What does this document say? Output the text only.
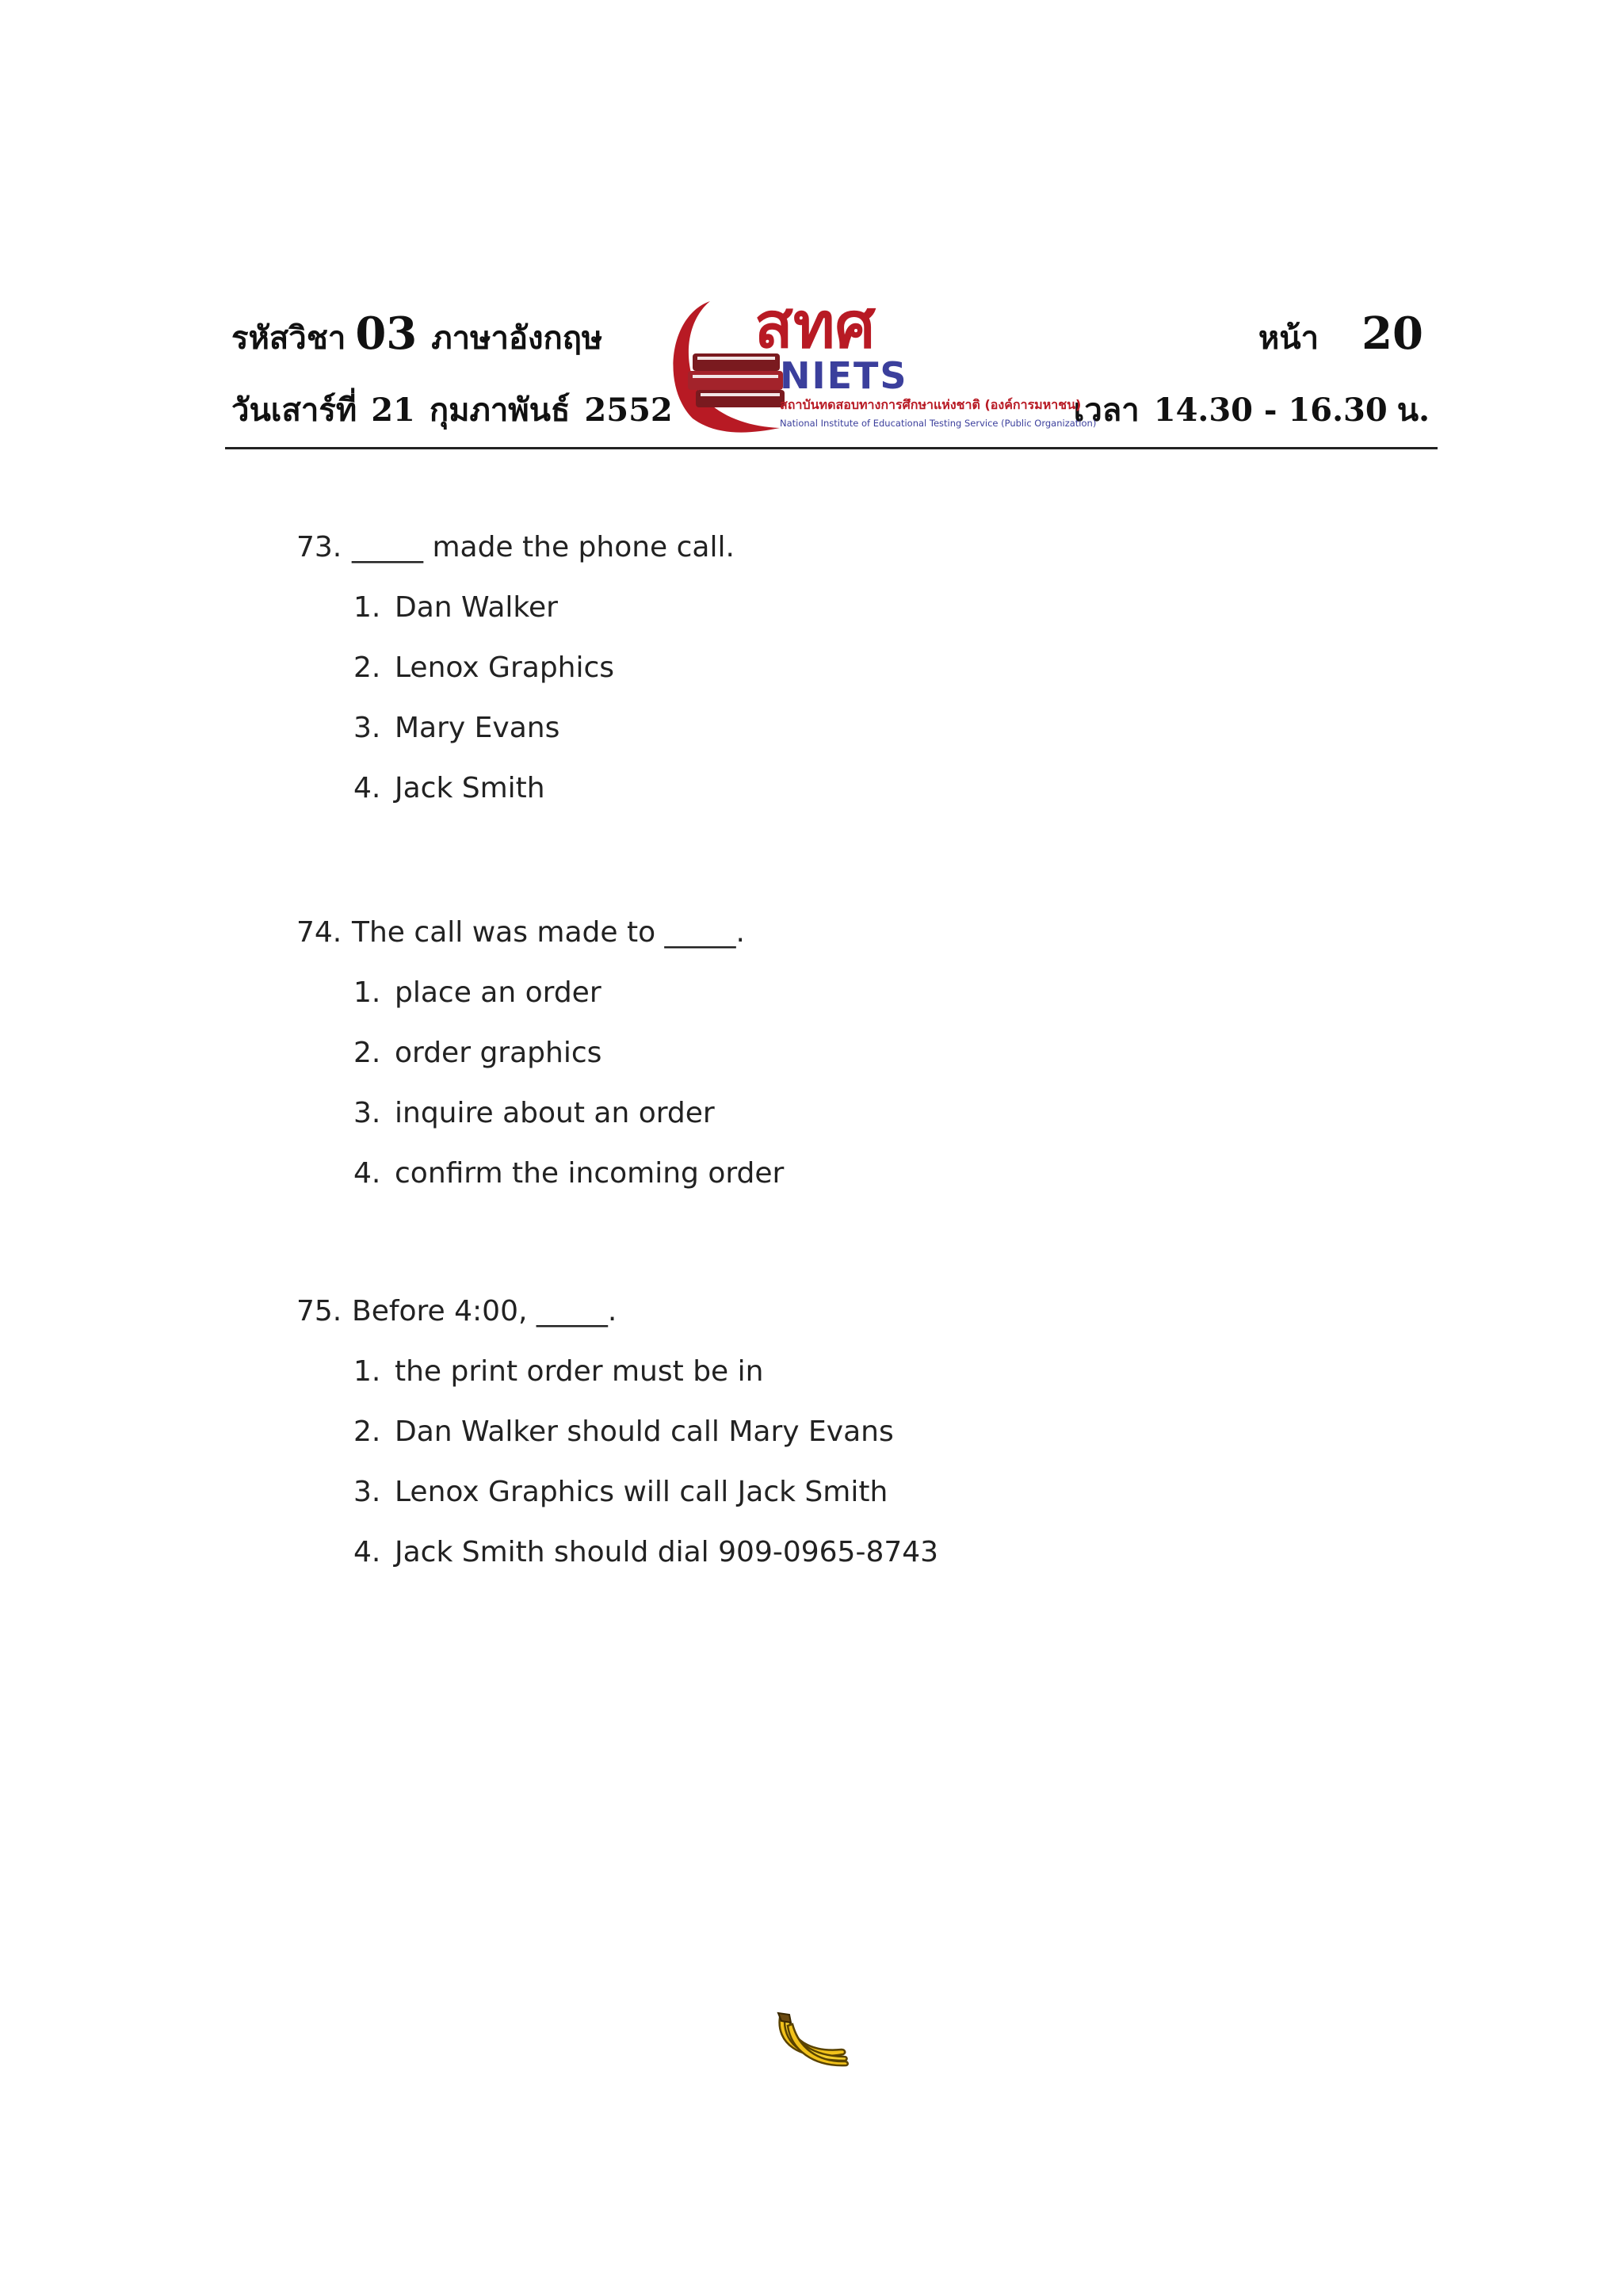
รหัสวิชา 03 ภาษาอังกฤษ	หน้า 20
วันเสาร์ที่ 21 กุมภาพันธ์ 2552	เวลา 14.30 - 16.30 น.
สทศ
NIETS
สถาบันทดสอบทางการศึกษาแห่งชาติ (องค์การมหาชน)
National Institute of Educational Testing Service (Public Organization)
73. _____ made the phone call.
1. Dan Walker
2. Lenox Graphics
3. Mary Evans
4. Jack Smith
74. The call was made to _____.
1. place an order
2. order graphics
3. inquire about an order
4. confirm the incoming order
75. Before 4:00, _____.
1. the print order must be in
2. Dan Walker should call Mary Evans
3. Lenox Graphics will call Jack Smith
4. Jack Smith should dial 909-0965-8743
